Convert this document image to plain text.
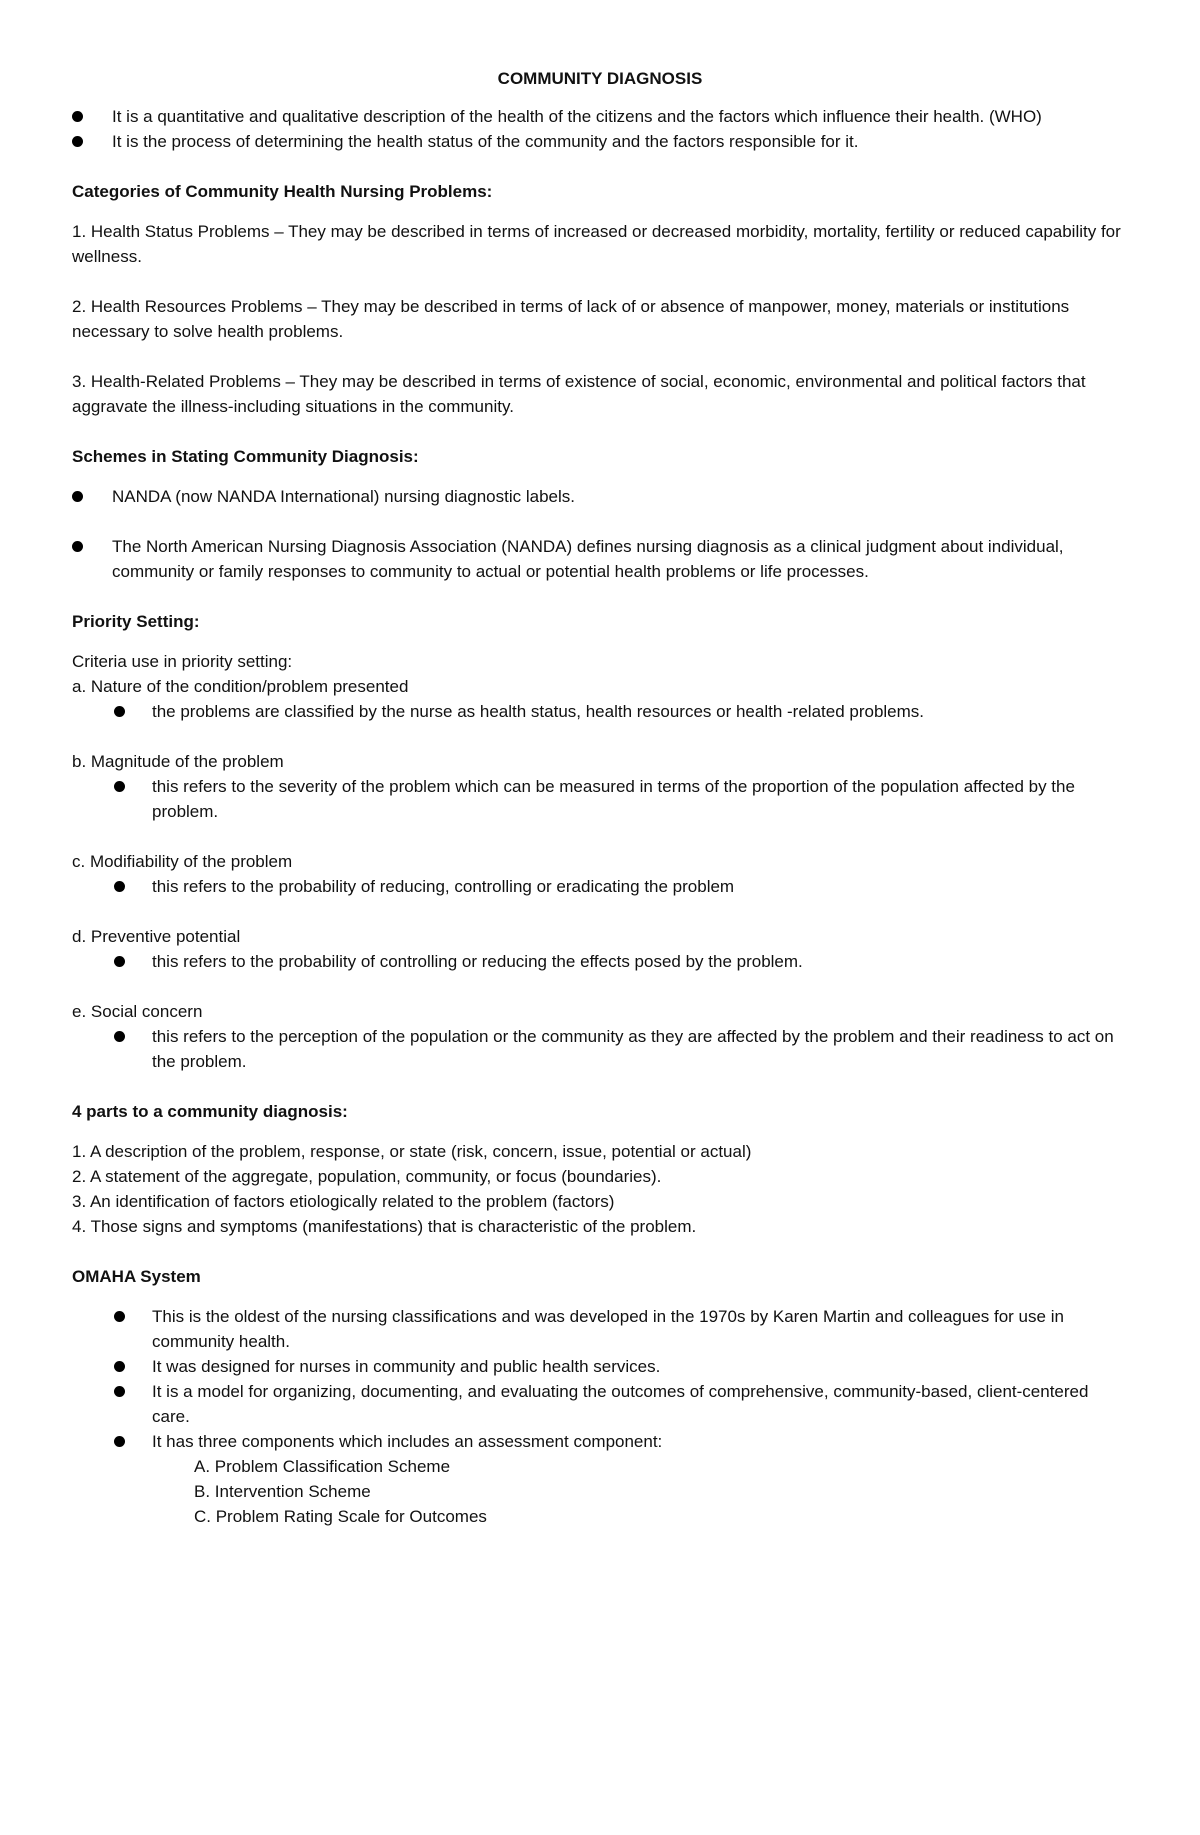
COMMUNITY DIAGNOSIS
It is a quantitative and qualitative description of the health of the citizens and the factors which influence their health. (WHO)
It is the process of determining the health status of the community and the factors responsible for it.
Categories of Community Health Nursing Problems:

1. Health Status Problems – They may be described in terms of increased or decreased morbidity, mortality, fertility or reduced capability for wellness.

2. Health Resources Problems – They may be described in terms of lack of or absence of manpower, money, materials or institutions necessary to solve health problems.

3. Health-Related Problems – They may be described in terms of existence of social, economic, environmental and political factors that aggravate the illness-including situations in the community.

Schemes in Stating Community Diagnosis:
NANDA (now NANDA International) nursing diagnostic labels.
The North American Nursing Diagnosis Association (NANDA) defines nursing diagnosis as a clinical judgment about individual, community or family responses to community to actual or potential health problems or life processes.
Priority Setting:
Criteria use in priority setting:
a. Nature of the condition/problem presented
the problems are classified by the nurse as health status, health resources or health -related problems.
b. Magnitude of the problem
this refers to the severity of the problem which can be measured in terms of the proportion of the population affected by the problem.
c. Modifiability of the problem
this refers to the probability of reducing, controlling or eradicating the problem
d. Preventive potential
this refers to the probability of controlling or reducing the effects posed by the problem.
e. Social concern
this refers to the perception of the population or the community as they are affected by the problem and their readiness to act on the problem.
4 parts to a community diagnosis:
1. A description of the problem, response, or state (risk, concern, issue, potential or actual)
2. A statement of the aggregate, population, community, or focus (boundaries).
3. An identification of factors etiologically related to the problem (factors)
4. Those signs and symptoms (manifestations) that is characteristic of the problem.
OMAHA System
This is the oldest of the nursing classifications and was developed in the 1970s by Karen Martin and colleagues for use in community health.
It was designed for nurses in community and public health services.
It is a model for organizing, documenting, and evaluating the outcomes of comprehensive, community-based, client-centered care.
It has three components which includes an assessment component:
A. Problem Classification Scheme
B. Intervention Scheme
C. Problem Rating Scale for Outcomes
